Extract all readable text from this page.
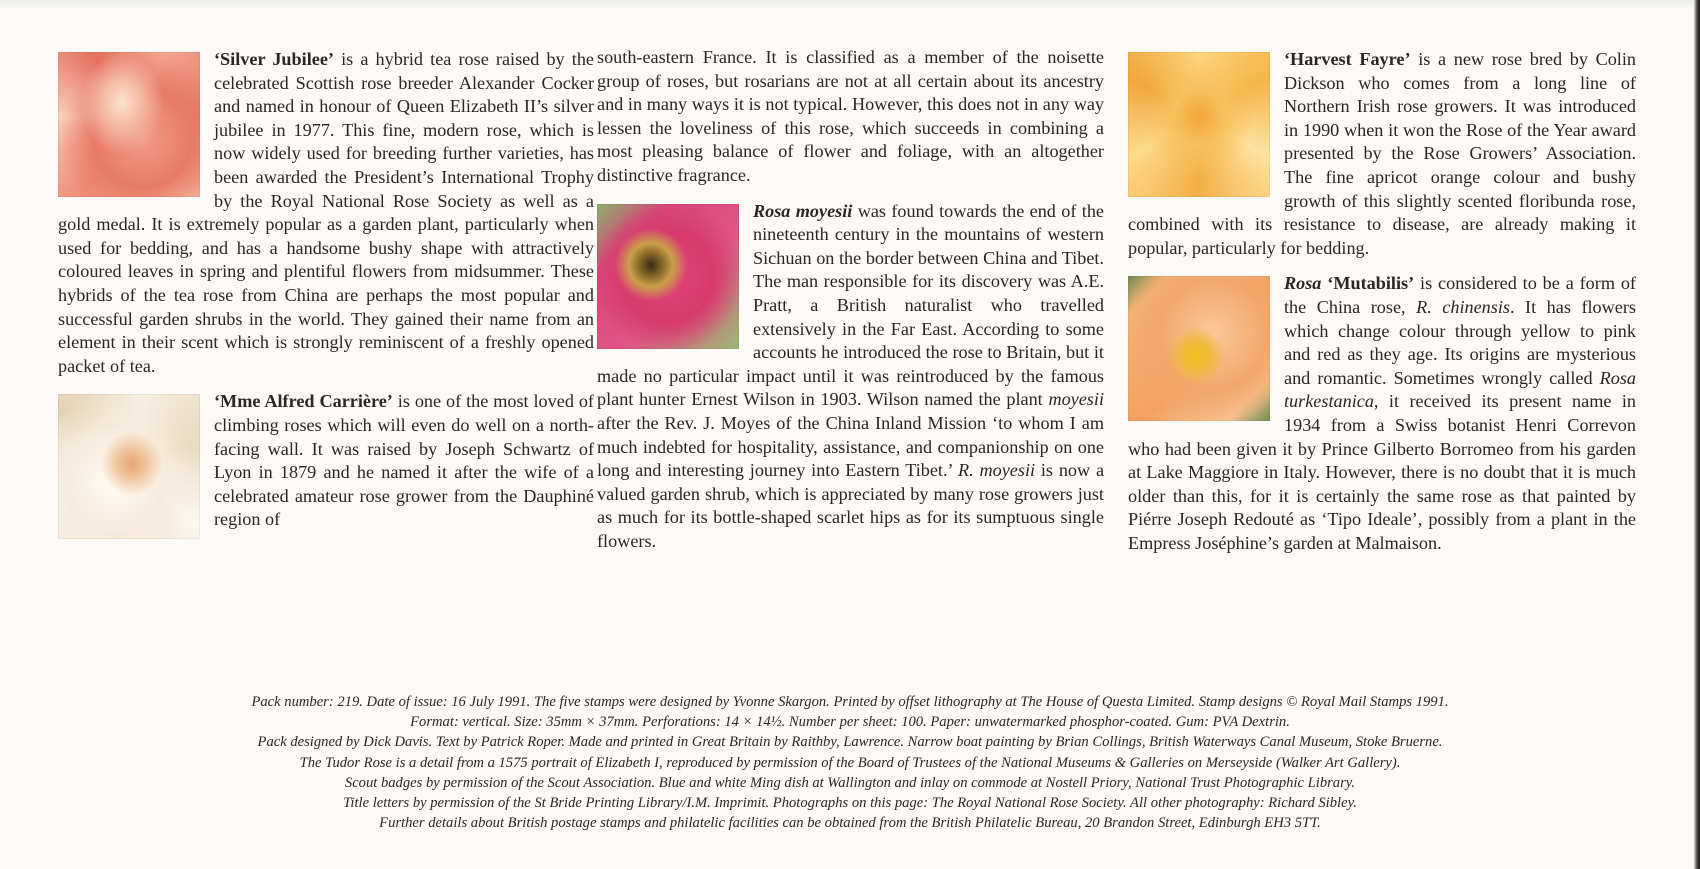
‘Silver Jubilee’ is a hybrid tea rose raised by the celebrated Scottish rose breeder Alexander Cocker and named in honour of Queen Elizabeth II’s silver jubilee in 1977. This fine, modern rose, which is now widely used for breeding further varieties, has been awarded the President’s International Trophy by the Royal National Rose Society as well as a gold medal. It is extremely popular as a garden plant, particularly when used for bedding, and has a handsome bushy shape with attractively coloured leaves in spring and plentiful flowers from midsummer. These hybrids of the tea rose from China are perhaps the most popular and successful garden shrubs in the world. They gained their name from an element in their scent which is strongly reminiscent of a freshly opened packet of tea.

‘Mme Alfred Carrière’ is one of the most loved of climbing roses which will even do well on a north-facing wall. It was raised by Joseph Schwartz of Lyon in 1879 and he named it after the wife of a celebrated amateur rose grower from the Dauphiné region of

south-eastern France. It is classified as a member of the noisette group of roses, but rosarians are not at all certain about its ancestry and in many ways it is not typical. However, this does not in any way lessen the loveliness of this rose, which succeeds in combining a most pleasing balance of flower and foliage, with an altogether distinctive fragrance.

Rosa moyesii was found towards the end of the nineteenth century in the mountains of western Sichuan on the border between China and Tibet. The man responsible for its discovery was A.E. Pratt, a British naturalist who travelled extensively in the Far East. According to some accounts he introduced the rose to Britain, but it made no particular impact until it was reintroduced by the famous plant hunter Ernest Wilson in 1903. Wilson named the plant moyesii after the Rev. J. Moyes of the China Inland Mission ‘to whom I am much indebted for hospitality, assistance, and companionship on one long and interesting journey into Eastern Tibet.’ R. moyesii is now a valued garden shrub, which is appreciated by many rose growers just as much for its bottle-shaped scarlet hips as for its sumptuous single flowers.

‘Harvest Fayre’ is a new rose bred by Colin Dickson who comes from a long line of Northern Irish rose growers. It was introduced in 1990 when it won the Rose of the Year award presented by the Rose Growers’ Association. The fine apricot orange colour and bushy growth of this slightly scented floribunda rose, combined with its resistance to disease, are already making it popular, particularly for bedding.

Rosa ‘Mutabilis’ is considered to be a form of the China rose, R. chinensis. It has flowers which change colour through yellow to pink and red as they age. Its origins are mysterious and romantic. Sometimes wrongly called Rosa turkestanica, it received its present name in 1934 from a Swiss botanist Henri Correvon who had been given it by Prince Gilberto Borromeo from his garden at Lake Maggiore in Italy. However, there is no doubt that it is much older than this, for it is certainly the same rose as that painted by Piérre Joseph Redouté as ‘Tipo Ideale’, possibly from a plant in the Empress Joséphine’s garden at Malmaison.

Pack number: 219. Date of issue: 16 July 1991. The five stamps were designed by Yvonne Skargon. Printed by offset lithography at The House of Questa Limited. Stamp designs © Royal Mail Stamps 1991.
Format: vertical. Size: 35mm × 37mm. Perforations: 14 × 14½. Number per sheet: 100. Paper: unwatermarked phosphor-coated. Gum: PVA Dextrin.
Pack designed by Dick Davis. Text by Patrick Roper. Made and printed in Great Britain by Raithby, Lawrence. Narrow boat painting by Brian Collings, British Waterways Canal Museum, Stoke Bruerne.
The Tudor Rose is a detail from a 1575 portrait of Elizabeth I, reproduced by permission of the Board of Trustees of the National Museums & Galleries on Merseyside (Walker Art Gallery).
Scout badges by permission of the Scout Association. Blue and white Ming dish at Wallington and inlay on commode at Nostell Priory, National Trust Photographic Library.
Title letters by permission of the St Bride Printing Library/I.M. Imprimit. Photographs on this page: The Royal National Rose Society. All other photography: Richard Sibley.
Further details about British postage stamps and philatelic facilities can be obtained from the British Philatelic Bureau, 20 Brandon Street, Edinburgh EH3 5TT.
